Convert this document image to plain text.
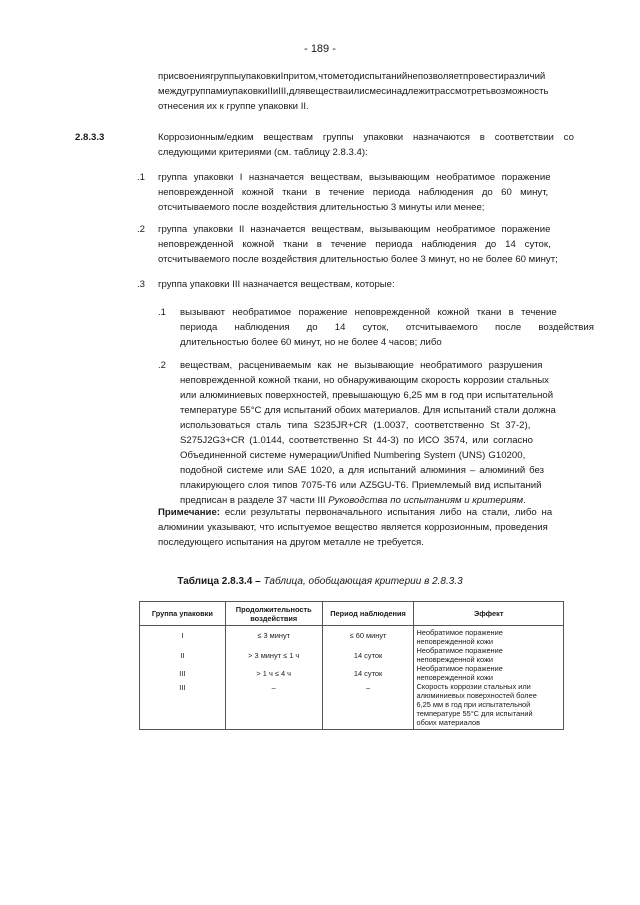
- 189 -
присвоениягруппыупаковкиIпритом,чтометодиспытанийнепозволяетпровестиразличий
междугруппамиупаковкиIIиIII,длявеществаилисмесинадлежитрассмотретьвозможность
отнесения их к группе упаковки II.
2.8.3.3	Коррозионным/едким веществам группы упаковки назначаются в соответствии со
следующими критериями (см. таблицу 2.8.3.4):
.1 группа упаковки I назначается веществам, вызывающим необратимое поражение
неповрежденной кожной ткани в течение периода наблюдения до 60 минут,
отсчитываемого после воздействия длительностью 3 минуты или менее;
.2 группа упаковки II назначается веществам, вызывающим необратимое поражение
неповрежденной кожной ткани в течение периода наблюдения до 14 суток,
отсчитываемого после воздействия длительностью более 3 минут, но не более 60 минут;
.3 группа упаковки III назначается веществам, которые:
.1 вызывают необратимое поражение неповрежденной кожной ткани в течение
периода наблюдения до 14 суток, отсчитываемого после воздействия
длительностью более 60 минут, но не более 4 часов; либо
.2 веществам, расцениваемым как не вызывающие необратимого разрушения
неповрежденной кожной ткани, но обнаруживающим скорость коррозии стальных
или алюминиевых поверхностей, превышающую 6,25 мм в год при испытательной
температуре 55°C для испытаний обоих материалов. Для испытаний стали должна
использоваться сталь типа S235JR+CR (1.0037, соответственно St 37-2),
S275J2G3+CR (1.0144, соответственно St 44-3) по ИСО 3574, или согласно
Объединенной системе нумерации/Unified Numbering System (UNS) G10200,
подобной системе или SAE 1020, а для испытаний алюминия – алюминий без
плакирующего слоя типов 7075-T6 или AZ5GU-T6. Приемлемый вид испытаний
предписан в разделе 37 части III Руководства по испытаниям и критериям.
Примечание: если результаты первоначального испытания либо на стали, либо на
алюминии указывают, что испытуемое вещество является коррозионным, проведения
последующего испытания на другом металле не требуется.
Таблица 2.8.3.4 – Таблица, обобщающая критерии в 2.8.3.3
Группа упаковки	Продолжительность воздействия	Период наблюдения	Эффект
I	≤ 3 минут	≤ 60 минут	Необратимое поражение
неповрежденной кожи

II	> 3 минут ≤ 1 ч	14 суток	Необратимое поражение
неповрежденной кожи

III	> 1 ч ≤ 4 ч	14 суток	Необратимое поражение
неповрежденной кожи

III	–	–	Скорость коррозии стальных или
алюминиевых поверхностей более
6,25 мм в год при испытательной
температуре 55°C для испытаний
обоих материалов
